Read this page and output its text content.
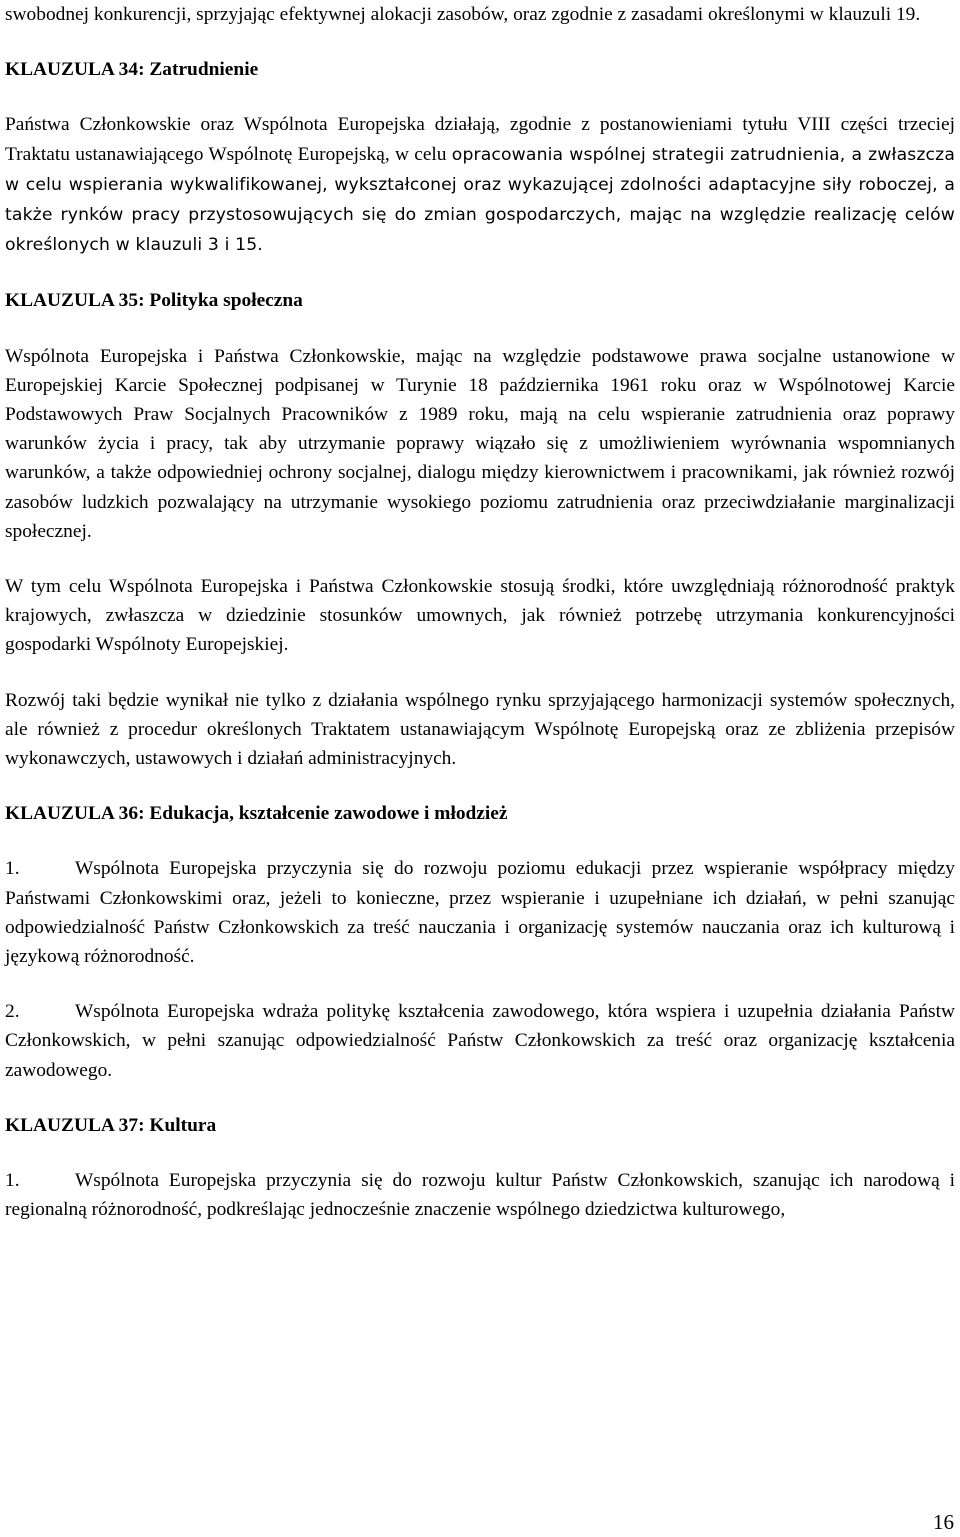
swobodnej konkurencji, sprzyjając efektywnej alokacji zasobów, oraz zgodnie z zasadami określonymi w klauzuli 19.

KLAUZULA 34: Zatrudnienie

Państwa Członkowskie oraz Wspólnota Europejska działają, zgodnie z postanowieniami tytułu VIII części trzeciej Traktatu ustanawiającego Wspólnotę Europejską, w celu opracowania wspólnej strategii zatrudnienia, a zwłaszcza w celu wspierania wykwalifikowanej, wykształconej oraz wykazującej zdolności adaptacyjne siły roboczej, a także rynków pracy przystosowujących się do zmian gospodarczych, mając na względzie realizację celów określonych w klauzuli 3 i 15.

KLAUZULA 35: Polityka społeczna

Wspólnota Europejska i Państwa Członkowskie, mając na względzie podstawowe prawa socjalne ustanowione w Europejskiej Karcie Społecznej podpisanej w Turynie 18 października 1961 roku oraz w Wspólnotowej Karcie Podstawowych Praw Socjalnych Pracowników z 1989 roku, mają na celu wspieranie zatrudnienia oraz poprawy warunków życia i pracy, tak aby utrzymanie poprawy wiązało się z umożliwieniem wyrównania wspomnianych warunków, a także odpowiedniej ochrony socjalnej, dialogu między kierownictwem i pracownikami, jak również rozwój zasobów ludzkich pozwalający na utrzymanie wysokiego poziomu zatrudnienia oraz przeciwdziałanie marginalizacji społecznej.

W tym celu Wspólnota Europejska i Państwa Członkowskie stosują środki, które uwzględniają różnorodność praktyk krajowych, zwłaszcza w dziedzinie stosunków umownych, jak również potrzebę utrzymania konkurencyjności gospodarki Wspólnoty Europejskiej.

Rozwój taki będzie wynikał nie tylko z działania wspólnego rynku sprzyjającego harmonizacji systemów społecznych, ale również z procedur określonych Traktatem ustanawiającym Wspólnotę Europejską oraz ze zbliżenia przepisów wykonawczych, ustawowych i działań administracyjnych.

KLAUZULA 36: Edukacja, kształcenie zawodowe i młodzież

1.	Wspólnota Europejska przyczynia się do rozwoju poziomu edukacji przez wspieranie współpracy między Państwami Członkowskimi oraz, jeżeli to konieczne, przez wspieranie i uzupełniane ich działań, w pełni szanując odpowiedzialność Państw Członkowskich za treść nauczania i organizację systemów nauczania oraz ich kulturową i językową różnorodność.

2.	Wspólnota Europejska wdraża politykę kształcenia zawodowego, która wspiera i uzupełnia działania Państw Członkowskich, w pełni szanując odpowiedzialność Państw Członkowskich za treść oraz organizację kształcenia zawodowego.

KLAUZULA 37: Kultura

1.	Wspólnota Europejska przyczynia się do rozwoju kultur Państw Członkowskich, szanując ich narodową i regionalną różnorodność, podkreślając jednocześnie znaczenie wspólnego dziedzictwa kulturowego,

16
